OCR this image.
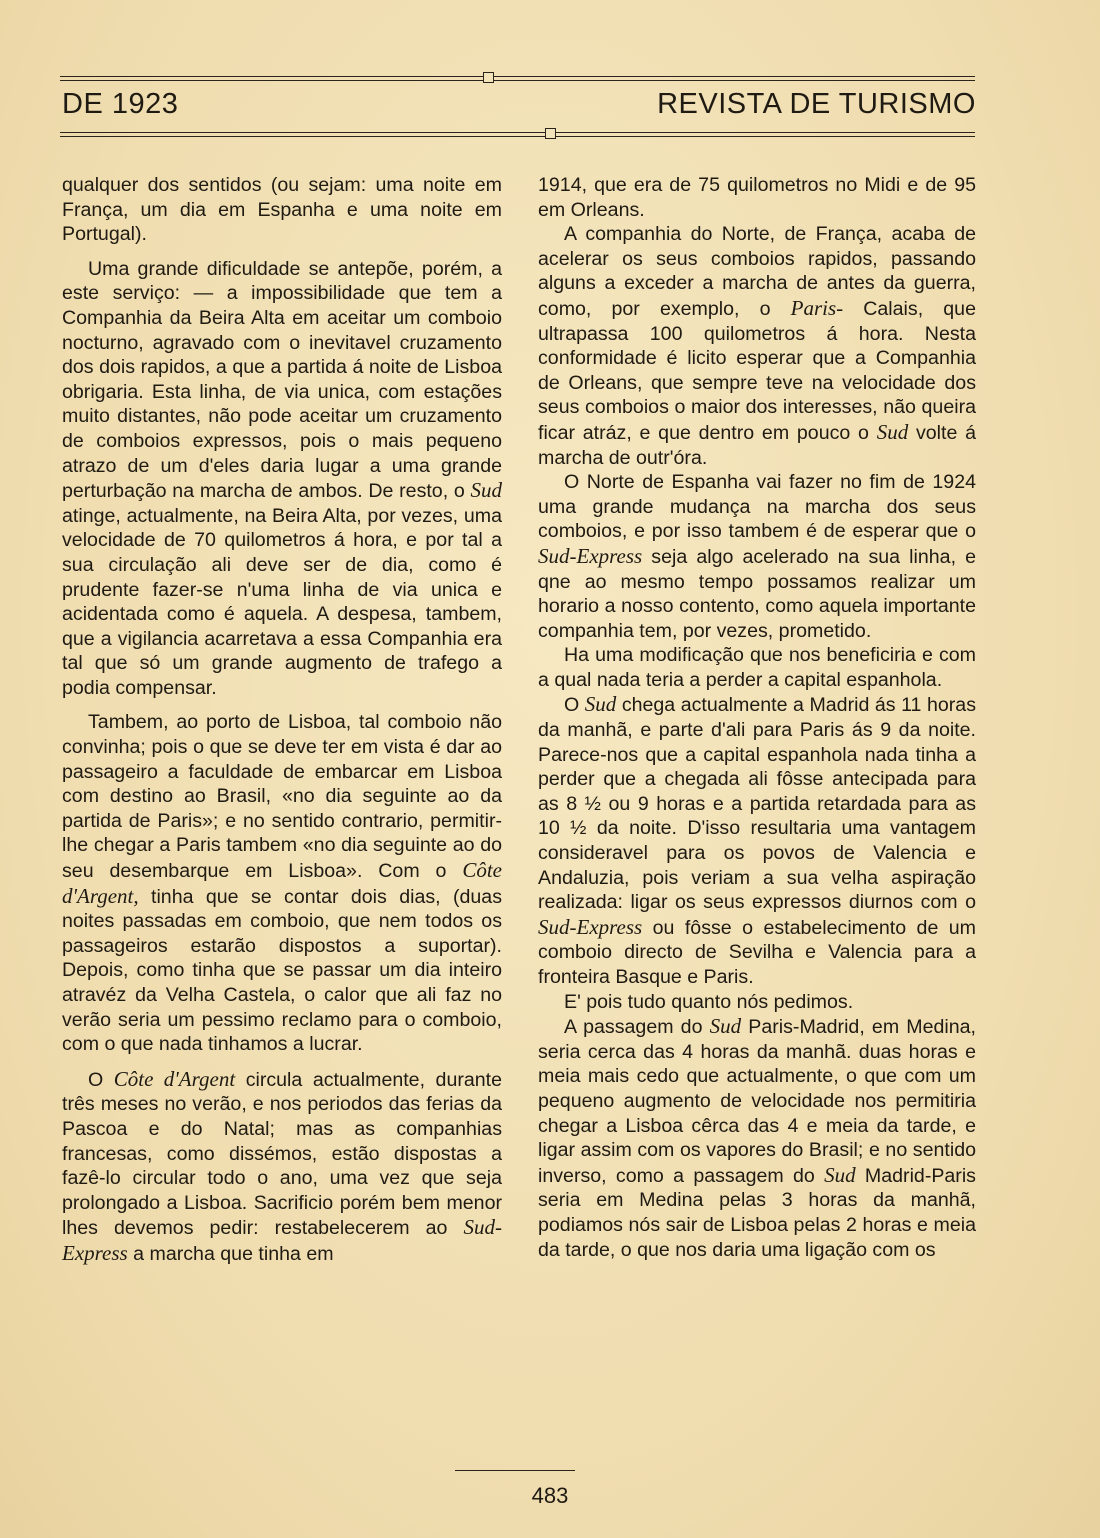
DE 1923	REVISTA DE TURISMO

qualquer dos sentidos (ou sejam: uma noite em França, um dia em Espanha e uma noite em Portugal).

Uma grande dificuldade se antepõe, porém, a este serviço: — a impossibilidade que tem a Companhia da Beira Alta em aceitar um comboio nocturno, agravado com o inevitavel cruzamento dos dois rapidos, a que a partida á noite de Lisboa obrigaria. Esta linha, de via unica, com estações muito distantes, não pode aceitar um cruzamento de comboios expressos, pois o mais pequeno atrazo de um d'eles daria lugar a uma grande perturbação na marcha de ambos. De resto, o Sud atinge, actualmente, na Beira Alta, por vezes, uma velocidade de 70 quilometros á hora, e por tal a sua circulação ali deve ser de dia, como é prudente fazer-se n'uma linha de via unica e acidentada como é aquela. A despesa, tambem, que a vigilancia acarretava a essa Companhia era tal que só um grande augmento de trafego a podia compensar.

Tambem, ao porto de Lisboa, tal comboio não convinha; pois o que se deve ter em vista é dar ao passageiro a faculdade de embarcar em Lisboa com destino ao Brasil, «no dia seguinte ao da partida de Paris»; e no sentido contrario, permitir-lhe chegar a Paris tambem «no dia seguinte ao do seu desembarque em Lisboa». Com o Côte d'Argent, tinha que se contar dois dias, (duas noites passadas em comboio, que nem todos os passageiros estarão dispostos a suportar). Depois, como tinha que se passar um dia inteiro atravéz da Velha Castela, o calor que ali faz no verão seria um pessimo reclamo para o comboio, com o que nada tinhamos a lucrar.

O Côte d'Argent circula actualmente, durante três meses no verão, e nos periodos das ferias da Pascoa e do Natal; mas as companhias francesas, como dissémos, estão dispostas a fazê-lo circular todo o ano, uma vez que seja prolongado a Lisboa. Sacrificio porém bem menor lhes devemos pedir: restabelecerem ao Sud-Express a marcha que tinha em

1914, que era de 75 quilometros no Midi e de 95 em Orleans.

A companhia do Norte, de França, acaba de acelerar os seus comboios rapidos, passando alguns a exceder a marcha de antes da guerra, como, por exemplo, o Paris- Calais, que ultrapassa 100 quilometros á hora. Nesta conformidade é licito esperar que a Companhia de Orleans, que sempre teve na velocidade dos seus comboios o maior dos interesses, não queira ficar atráz, e que dentro em pouco o Sud volte á marcha de outr'óra.

O Norte de Espanha vai fazer no fim de 1924 uma grande mudança na marcha dos seus comboios, e por isso tambem é de esperar que o Sud-Express seja algo acelerado na sua linha, e qne ao mesmo tempo possamos realizar um horario a nosso contento, como aquela importante companhia tem, por vezes, prometido.

Ha uma modificação que nos beneficiria e com a qual nada teria a perder a capital espanhola.

O Sud chega actualmente a Madrid ás 11 horas da manhã, e parte d'ali para Paris ás 9 da noite. Parece-nos que a capital espanhola nada tinha a perder que a chegada ali fôsse antecipada para as 8 ½ ou 9 horas e a partida retardada para as 10 ½ da noite. D'isso resultaria uma vantagem consideravel para os povos de Valencia e Andaluzia, pois veriam a sua velha aspiração realizada: ligar os seus expressos diurnos com o Sud-Express ou fôsse o estabelecimento de um comboio directo de Sevilha e Valencia para a fronteira Basque e Paris.

E' pois tudo quanto nós pedimos.

A passagem do Sud Paris-Madrid, em Medina, seria cerca das 4 horas da manhã. duas horas e meia mais cedo que actualmente, o que com um pequeno augmento de velocidade nos permitiria chegar a Lisboa cêrca das 4 e meia da tarde, e ligar assim com os vapores do Brasil; e no sentido inverso, como a passagem do Sud Madrid-Paris seria em Medina pelas 3 horas da manhã, podiamos nós sair de Lisboa pelas 2 horas e meia da tarde, o que nos daria uma ligação com os

483
